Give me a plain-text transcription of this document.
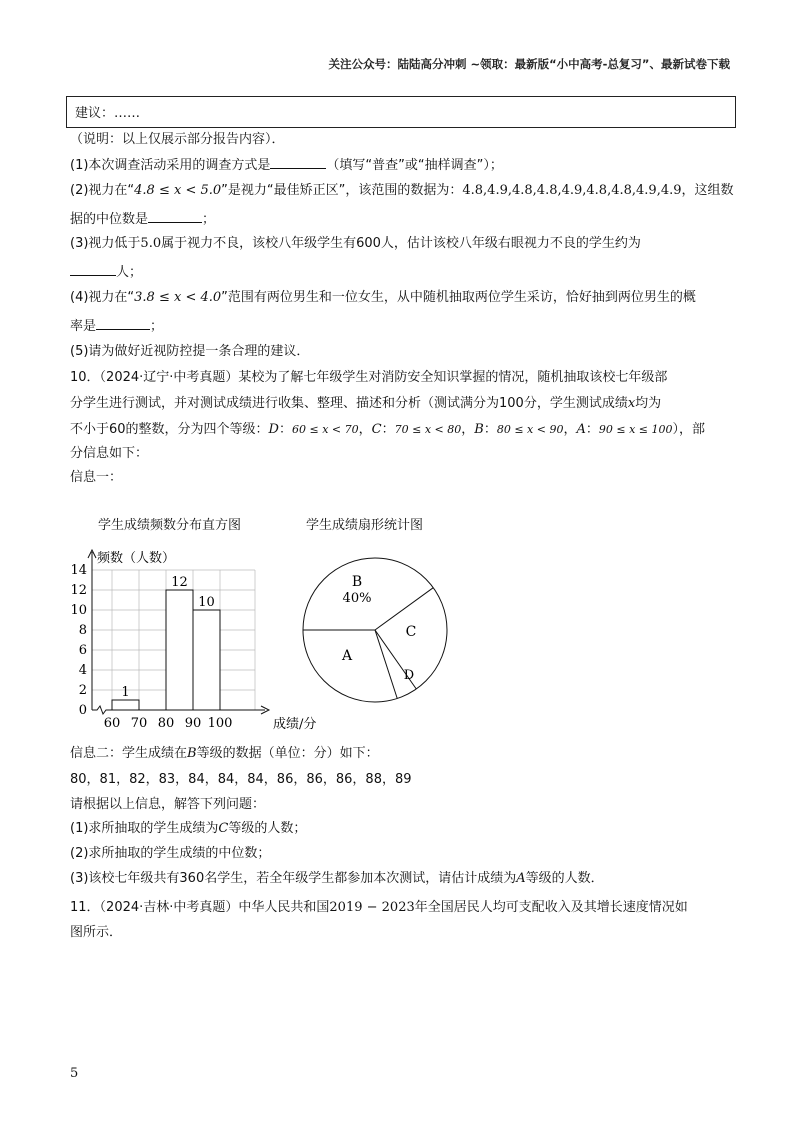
关注公众号：陆陆高分冲刺 ~领取：最新版“小中高考-总复习”、最新试卷下载
建议：……
（说明：以上仅展示部分报告内容）．
(1)本次调查活动采用的调查方式是	（填写“普查”或“抽样调查”）；
(2)视力在“4.8 ≤ x < 5.0”是视力“最佳矫正区”，该范围的数据为：4.8,4.9,4.8,4.8,4.9,4.8,4.8,4.9,4.9，这组数
据的中位数是	；
(3)视力低于5.0属于视力不良，该校八年级学生有600人，估计该校八年级右眼视力不良的学生约为
人；
(4)视力在“3.8 ≤ x < 4.0”范围有两位男生和一位女生，从中随机抽取两位学生采访，恰好抽到两位男生的概
率是	；
(5)请为做好近视防控提一条合理的建议．
10．（2024·辽宁·中考真题）某校为了解七年级学生对消防安全知识掌握的情况，随机抽取该校七年级部
分学生进行测试，并对测试成绩进行收集、整理、描述和分析（测试满分为100分，学生测试成绩x均为
不小于60的整数，分为四个等级：D：60 ≤ x < 70，C：70 ≤ x < 80，B：80 ≤ x < 90，A：90 ≤ x ≤ 100），部
分信息如下：
信息一：
学生成绩频数分布直方图	学生成绩扇形统计图
0
2
4
6
8
10
12
14
60 70 80 90 100
1
12
10
频数（人数）
成绩/分
B
40%
C
D
A
信息二：学生成绩在B等级的数据（单位：分）如下：
80，81，82，83，84，84，84，86，86，86，88，89
请根据以上信息，解答下列问题：
(1)求所抽取的学生成绩为C等级的人数；
(2)求所抽取的学生成绩的中位数；
(3)该校七年级共有360名学生，若全年级学生都参加本次测试，请估计成绩为A等级的人数．
11．（2024·吉林·中考真题）中华人民共和国2019 − 2023年全国居民人均可支配收入及其增长速度情况如
图所示．
5
